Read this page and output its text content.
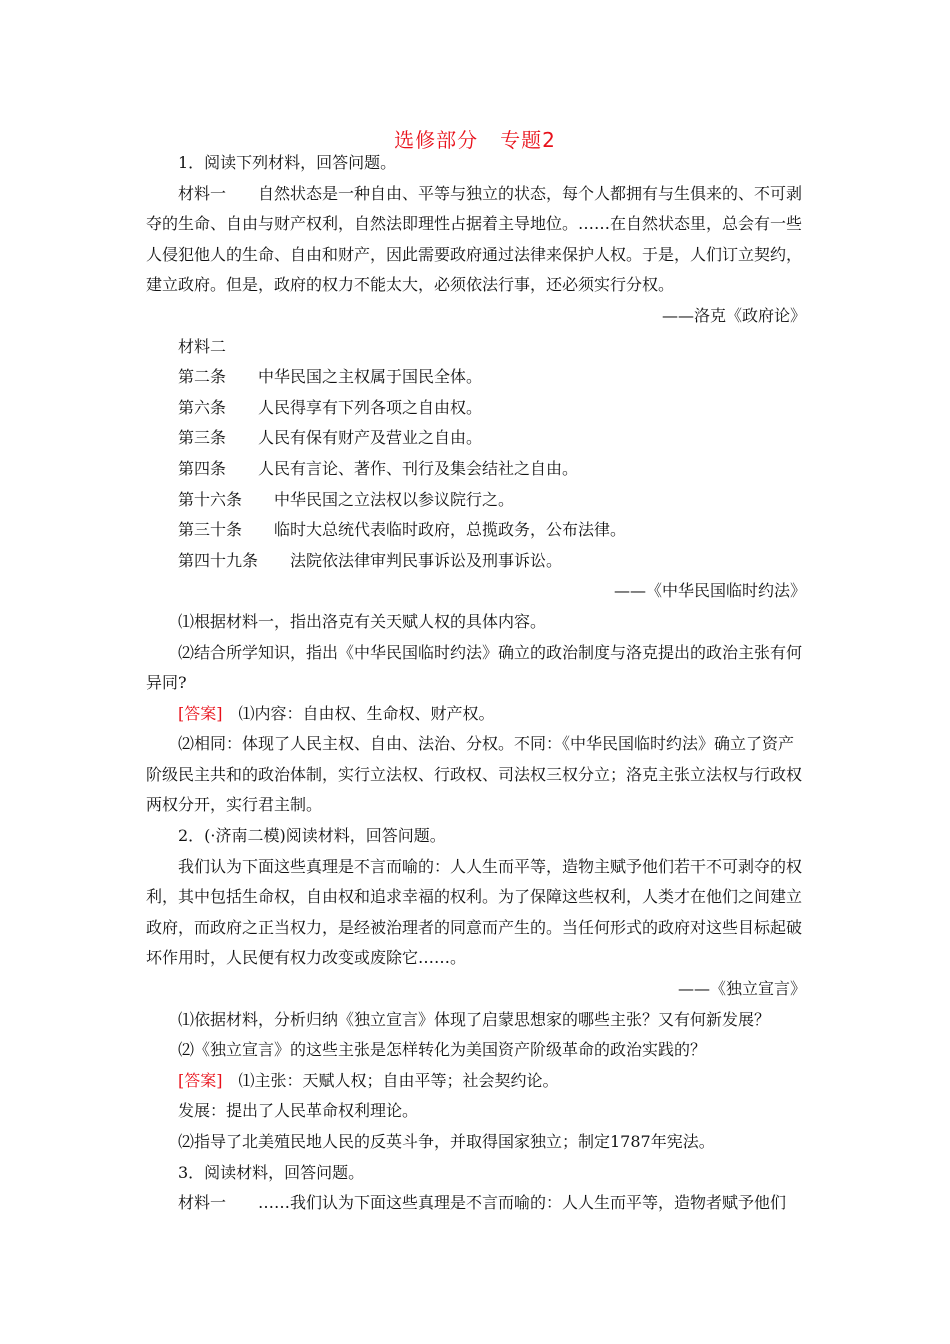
选修部分 专题2

1．阅读下列材料，回答问题。

材料一 自然状态是一种自由、平等与独立的状态，每个人都拥有与生俱来的、不可剥夺的生命、自由与财产权利，自然法即理性占据着主导地位。……在自然状态里，总会有一些人侵犯他人的生命、自由和财产，因此需要政府通过法律来保护人权。于是，人们订立契约，建立政府。但是，政府的权力不能太大，必须依法行事，还必须实行分权。

——洛克《政府论》

材料二

第二条 中华民国之主权属于国民全体。

第六条 人民得享有下列各项之自由权。

第三条 人民有保有财产及营业之自由。

第四条 人民有言论、著作、刊行及集会结社之自由。

第十六条 中华民国之立法权以参议院行之。

第三十条 临时大总统代表临时政府，总揽政务，公布法律。

第四十九条 法院依法律审判民事诉讼及刑事诉讼。

——《中华民国临时约法》

⑴根据材料一，指出洛克有关天赋人权的具体内容。

⑵结合所学知识，指出《中华民国临时约法》确立的政治制度与洛克提出的政治主张有何异同?

[答案] ⑴内容：自由权、生命权、财产权。

⑵相同：体现了人民主权、自由、法治、分权。不同：《中华民国临时约法》确立了资产阶级民主共和的政治体制，实行立法权、行政权、司法权三权分立；洛克主张立法权与行政权两权分开，实行君主制。

2．(·济南二模)阅读材料，回答问题。

我们认为下面这些真理是不言而喻的：人人生而平等，造物主赋予他们若干不可剥夺的权利，其中包括生命权，自由权和追求幸福的权利。为了保障这些权利，人类才在他们之间建立政府，而政府之正当权力，是经被治理者的同意而产生的。当任何形式的政府对这些目标起破坏作用时，人民便有权力改变或废除它……。

——《独立宣言》

⑴依据材料，分析归纳《独立宣言》体现了启蒙思想家的哪些主张？又有何新发展？

⑵《独立宣言》的这些主张是怎样转化为美国资产阶级革命的政治实践的？

[答案] ⑴主张：天赋人权；自由平等；社会契约论。

发展：提出了人民革命权利理论。

⑵指导了北美殖民地人民的反英斗争，并取得国家独立；制定1787年宪法。

3．阅读材料，回答问题。

材料一 ……我们认为下面这些真理是不言而喻的：人人生而平等，造物者赋予他们
